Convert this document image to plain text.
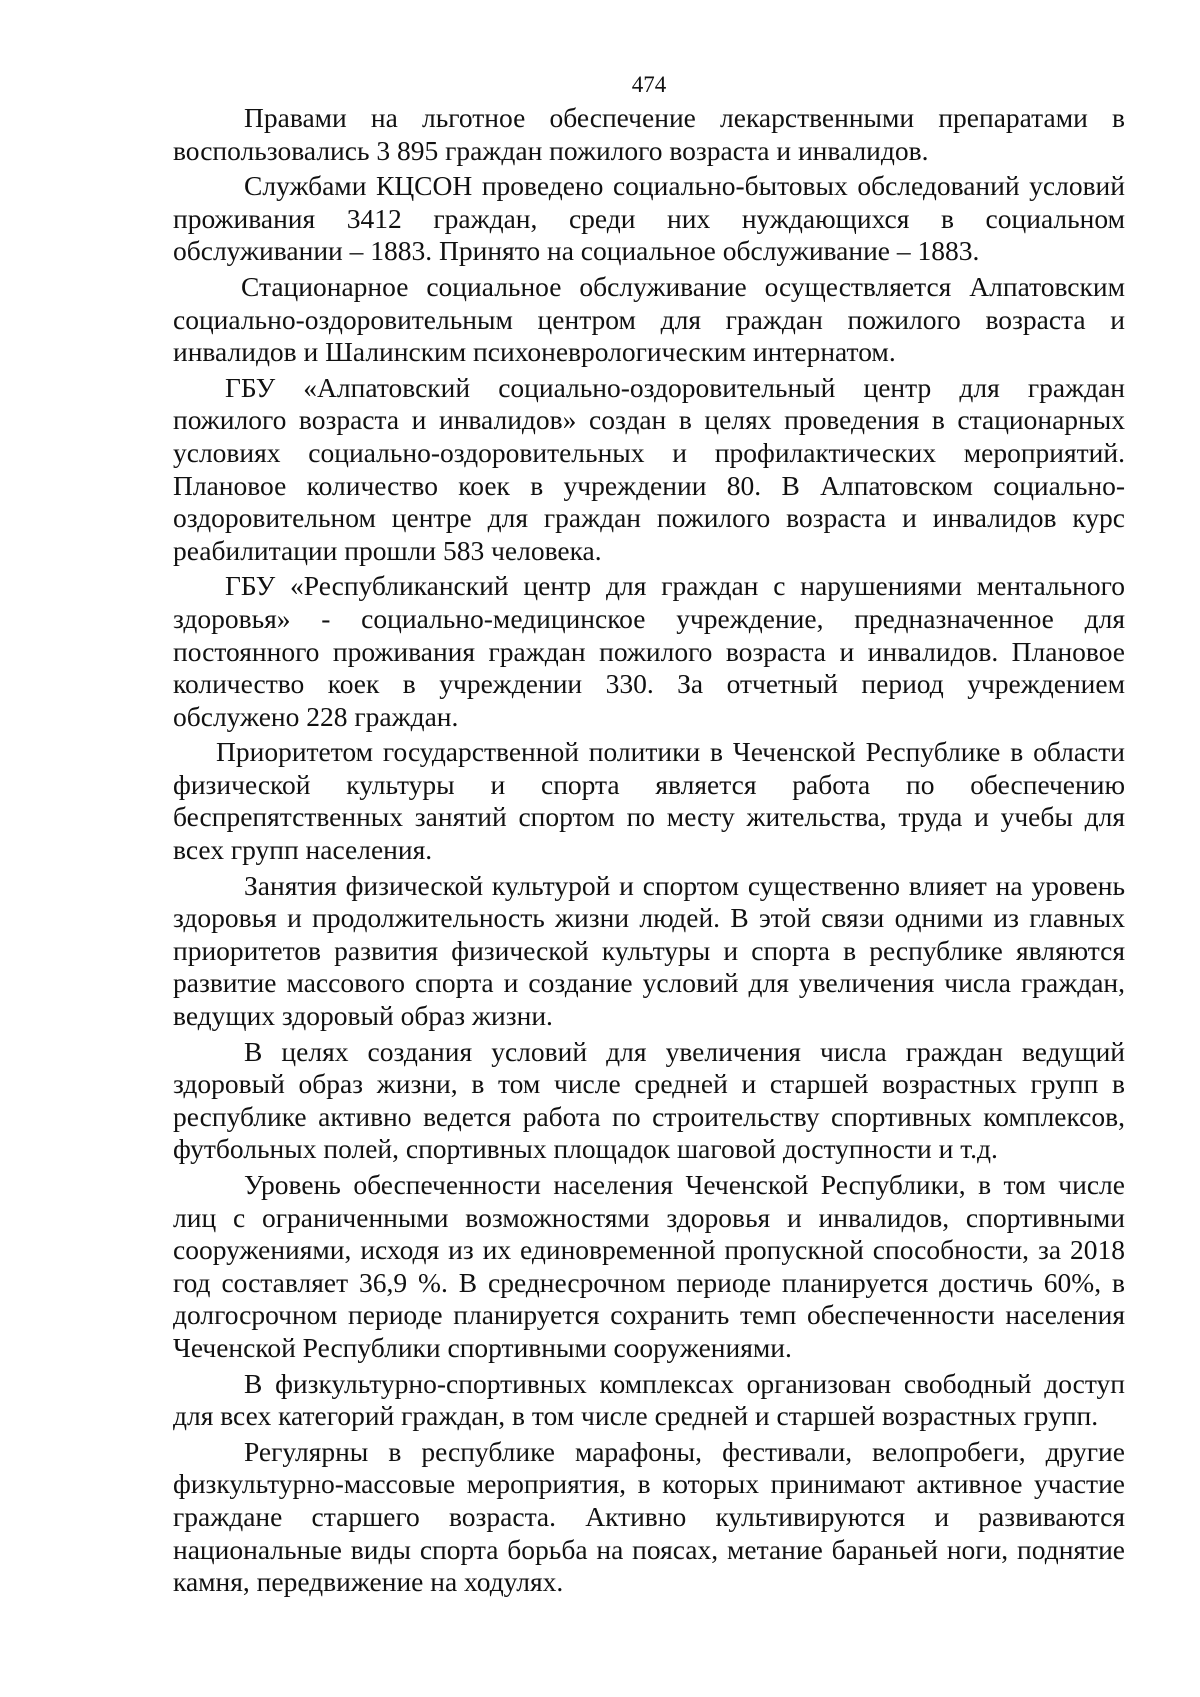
474

Правами на льготное обеспечение лекарственными препаратами в воспользовались 3 895 граждан пожилого возраста и инвалидов.

Службами КЦСОН проведено социально-бытовых обследований условий проживания 3412 граждан, среди них нуждающихся в социальном обслуживании – 1883. Принято на социальное обслуживание – 1883.

Стационарное социальное обслуживание осуществляется Алпатовским социально-оздоровительным центром для граждан пожилого возраста и инвалидов и Шалинским психоневрологическим интернатом.

ГБУ «Алпатовский социально-оздоровительный центр для граждан пожилого возраста и инвалидов» создан в целях проведения в стационарных условиях социально-оздоровительных и профилактических мероприятий. Плановое количество коек в учреждении 80. В Алпатовском социально-оздоровительном центре для граждан пожилого возраста и инвалидов курс реабилитации прошли 583 человека.

ГБУ «Республиканский центр для граждан с нарушениями ментального здоровья» - социально-медицинское учреждение, предназначенное для постоянного проживания граждан пожилого возраста и инвалидов. Плановое количество коек в учреждении 330. За отчетный период учреждением обслужено 228 граждан.

Приоритетом государственной политики в Чеченской Республике в области физической культуры и спорта является работа по обеспечению беспрепятственных занятий спортом по месту жительства, труда и учебы для всех групп населения.

Занятия физической культурой и спортом существенно влияет на уровень здоровья и продолжительность жизни людей. В этой связи одними из главных приоритетов развития физической культуры и спорта в республике являются развитие массового спорта и создание условий для увеличения числа граждан, ведущих здоровый образ жизни.

В целях создания условий для увеличения числа граждан ведущий здоровый образ жизни, в том числе средней и старшей возрастных групп в республике активно ведется работа по строительству спортивных комплексов, футбольных полей, спортивных площадок шаговой доступности и т.д.

Уровень обеспеченности населения Чеченской Республики, в том числе лиц с ограниченными возможностями здоровья и инвалидов, спортивными сооружениями, исходя из их единовременной пропускной способности, за 2018 год составляет 36,9 %. В среднесрочном периоде планируется достичь 60%, в долгосрочном периоде планируется сохранить темп обеспеченности населения Чеченской Республики спортивными сооружениями.

В физкультурно-спортивных комплексах организован свободный доступ для всех категорий граждан, в том числе средней и старшей возрастных групп.

Регулярны в республике марафоны, фестивали, велопробеги, другие физкультурно-массовые мероприятия, в которых принимают активное участие граждане старшего возраста. Активно культивируются и развиваются национальные виды спорта борьба на поясах, метание бараньей ноги, поднятие камня, передвижение на ходулях.
